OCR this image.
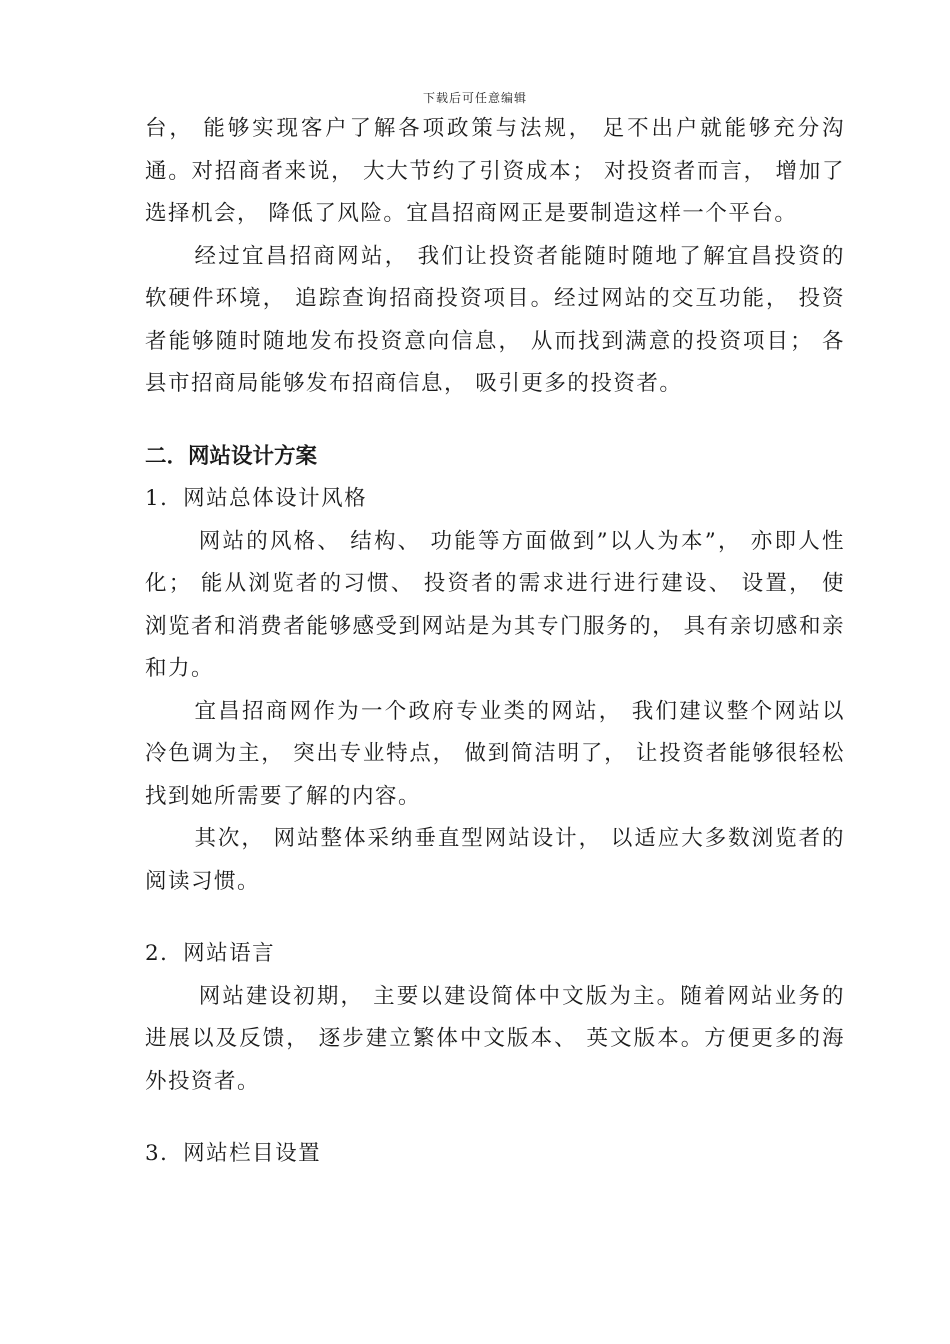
下载后可任意编辑

台， 能够实现客户了解各项政策与法规， 足不出户就能够充分沟通。对招商者来说， 大大节约了引资成本； 对投资者而言， 增加了选择机会， 降低了风险。宜昌招商网正是要制造这样一个平台。

经过宜昌招商网站， 我们让投资者能随时随地了解宜昌投资的软硬件环境， 追踪查询招商投资项目。经过网站的交互功能， 投资者能够随时随地发布投资意向信息， 从而找到满意的投资项目； 各县市招商局能够发布招商信息， 吸引更多的投资者。

二．网站设计方案

1．网站总体设计风格

网站的风格、 结构、 功能等方面做到”以人为本”， 亦即人性化； 能从浏览者的习惯、 投资者的需求进行进行建设、 设置， 使浏览者和消费者能够感受到网站是为其专门服务的， 具有亲切感和亲和力。

宜昌招商网作为一个政府专业类的网站， 我们建议整个网站以冷色调为主， 突出专业特点， 做到简洁明了， 让投资者能够很轻松找到她所需要了解的内容。

其次， 网站整体采纳垂直型网站设计， 以适应大多数浏览者的阅读习惯。

2．网站语言

网站建设初期， 主要以建设简体中文版为主。随着网站业务的进展以及反馈， 逐步建立繁体中文版本、 英文版本。方便更多的海外投资者。

3．网站栏目设置
